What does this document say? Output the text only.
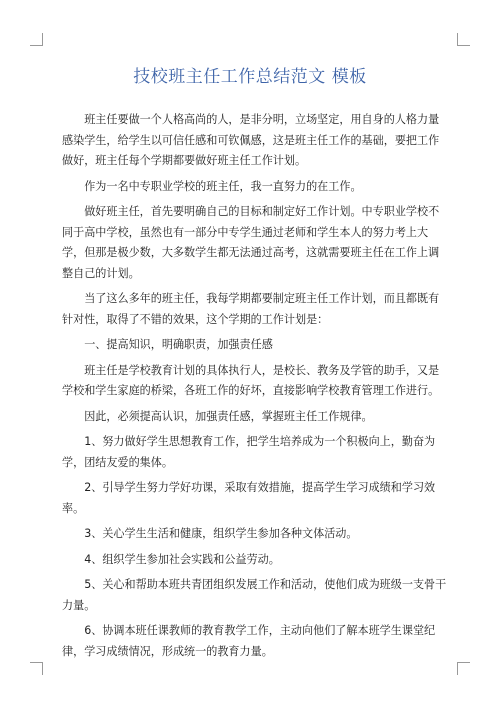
技校班主任工作总结范文 模板

班主任要做一个人格高尚的人，是非分明，立场坚定，用自身的人格力量感染学生，给学生以可信任感和可钦佩感，这是班主任工作的基础，要把工作做好，班主任每个学期都要做好班主任工作计划。

作为一名中专职业学校的班主任，我一直努力的在工作。

做好班主任，首先要明确自己的目标和制定好工作计划。中专职业学校不同于高中学校，虽然也有一部分中专学生通过老师和学生本人的努力考上大学，但那是极少数，大多数学生都无法通过高考，这就需要班主任在工作上调整自己的计划。

当了这么多年的班主任，我每学期都要制定班主任工作计划，而且都既有针对性，取得了不错的效果，这个学期的工作计划是：

一、提高知识，明确职责，加强责任感

班主任是学校教育计划的具体执行人，是校长、教务及学管的助手，又是学校和学生家庭的桥梁，各班工作的好坏，直接影响学校教育管理工作进行。

因此，必须提高认识，加强责任感，掌握班主任工作规律。

1、努力做好学生思想教育工作，把学生培养成为一个积极向上，勤奋为学，团结友爱的集体。

2、引导学生努力学好功课，采取有效措施，提高学生学习成绩和学习效率。

3、关心学生生活和健康，组织学生参加各种文体活动。

4、组织学生参加社会实践和公益劳动。

5、关心和帮助本班共青团组织发展工作和活动，使他们成为班级一支骨干力量。

6、协调本班任课教师的教育教学工作，主动向他们了解本班学生课堂纪律，学习成绩情况，形成统一的教育力量。
